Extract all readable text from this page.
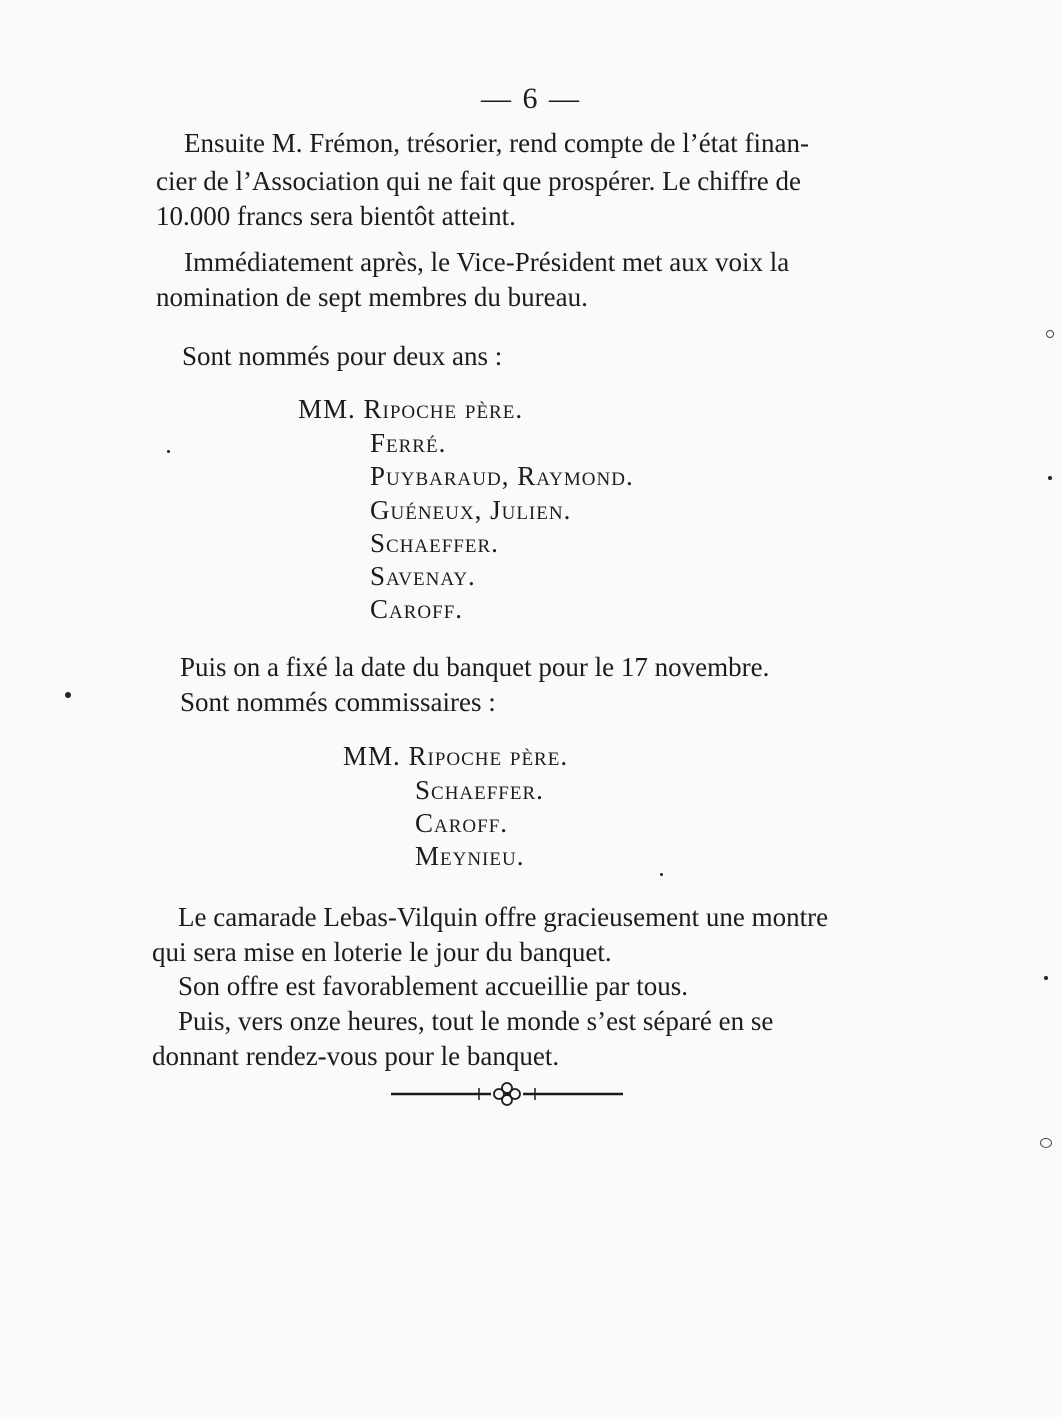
— 6 —
Ensuite M. Frémon, trésorier, rend compte de l’état finan-
cier de l’Association qui ne fait que prospérer. Le chiffre de
10.000 francs sera bientôt atteint.
Immédiatement après, le Vice-Président met aux voix la
nomination de sept membres du bureau.
Sont nommés pour deux ans :
MM. Ripoche père.
Ferré.
Puybaraud, Raymond.
Guéneux, Julien.
Schaeffer.
Savenay.
Caroff.
Puis on a fixé la date du banquet pour le 17 novembre.
Sont nommés commissaires :
MM. Ripoche père.
Schaeffer.
Caroff.
Meynieu.
Le camarade Lebas-Vilquin offre gracieusement une montre
qui sera mise en loterie le jour du banquet.
Son offre est favorablement accueillie par tous.
Puis, vers onze heures, tout le monde s’est séparé en se
donnant rendez-vous pour le banquet.
